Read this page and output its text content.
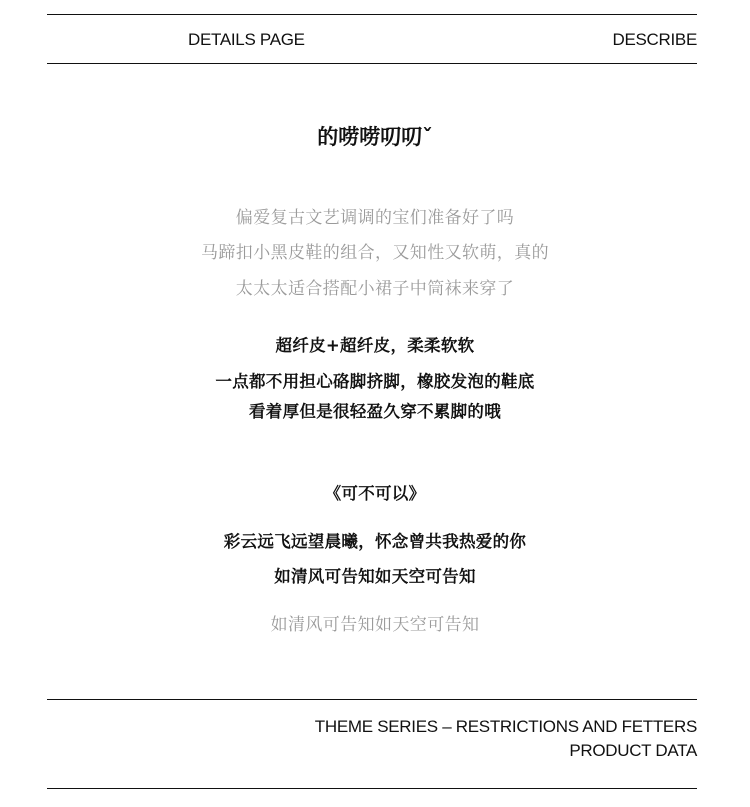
DETAILS PAGE	DESCRIBE
的唠唠叨叨ˇ
偏爱复古文艺调调的宝们准备好了吗
马蹄扣小黑皮鞋的组合，又知性又软萌，真的
太太太适合搭配小裙子中筒袜来穿了
超纤皮+超纤皮，柔柔软软
一点都不用担心硌脚挤脚，橡胶发泡的鞋底
看着厚但是很轻盈久穿不累脚的哦
《可不可以》
彩云远飞远望晨曦，怀念曾共我热爱的你
如清风可告知如天空可告知
如清风可告知如天空可告知
THEME SERIES – RESTRICTIONS AND FETTERS
PRODUCT DATA
